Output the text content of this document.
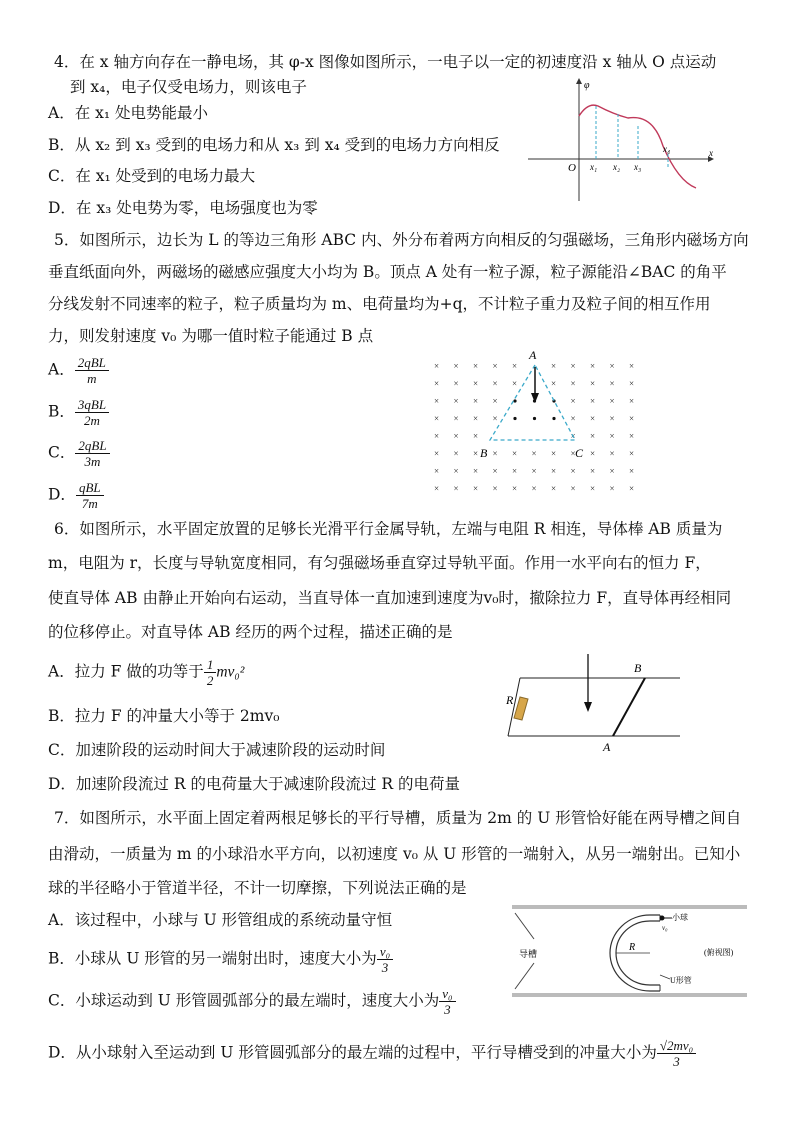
4．在 x 轴方向存在一静电场，其 φ-x 图像如图所示，一电子以一定的初速度沿 x 轴从 O 点运动
到 x₄，电子仅受电场力，则该电子
A．在 x₁ 处电势能最小
B．从 x₂ 到 x₃ 受到的电场力和从 x₃ 到 x₄ 受到的电场力方向相反
C．在 x₁ 处受到的电场力最大
D．在 x₃ 处电势为零，电场强度也为零
φ
O
x
x₁ x₂ x₃
x₄
5．如图所示，边长为 L 的等边三角形 ABC 内、外分布着两方向相反的匀强磁场，三角形内磁场方向
垂直纸面向外，两磁场的磁感应强度大小均为 B。顶点 A 处有一粒子源，粒子源能沿∠BAC 的角平
分线发射不同速率的粒子，粒子质量均为 m、电荷量均为+q，不计粒子重力及粒子间的相互作用
力，则发射速度 v₀ 为哪一值时粒子能通过 B 点
A． $\frac{\text{2qBL}}{m}$
B． $\frac{\text{3qBL}}{2m}$
C． $\frac{\text{2qBL}}{3m}$
D． $\frac{\text{qBL}}{7m}$
× × × × ×	× × × × ×
× × × × ×	× × × × ×
× × × ×	× × × ×
× × × ×	× × × ×
× × ×	× × × ×
× × × × × × × × × × ×
× × × × × × × × × × ×
× × × × × × × × × × ×
A
B	C
6．如图所示，水平固定放置的足够长光滑平行金属导轨，左端与电阻 R 相连，导体棒 AB 质量为
m，电阻为 r，长度与导轨宽度相同，有匀强磁场垂直穿过导轨平面。作用一水平向右的恒力 F，
使直导体 AB 由静止开始向右运动，当直导体一直加速到速度为v₀时，撤除拉力 F，直导体再经相同
的位移停止。对直导体 AB 经历的两个过程，描述正确的是
A．拉力 F 做的功等于 $\frac{1}{2} mv_0^2$
B．拉力 F 的冲量大小等于 2mv₀
C．加速阶段的运动时间大于减速阶段的运动时间
D．加速阶段流过 R 的电荷量大于减速阶段流过 R 的电荷量
R
B
A
7．如图所示，水平面上固定着两根足够长的平行导槽，质量为 2m 的 U 形管恰好能在两导槽之间自
由滑动，一质量为 m 的小球沿水平方向，以初速度 v₀ 从 U 形管的一端射入，从另一端射出。已知小
球的半径略小于管道半径，不计一切摩擦，下列说法正确的是
A．该过程中，小球与 U 形管组成的系统动量守恒
B．小球从 U 形管的另一端射出时，速度大小为 $\frac{\text{v₀}}{3}$
C．小球运动到 U 形管圆弧部分的最左端时，速度大小为 $\frac{\text{v₀}}{3}$
D．从小球射入至运动到 U 形管圆弧部分的最左端的过程中，平行导槽受到的冲量大小为 $\frac{\text{√2mv₀}}{3}$
小球
v₀
导槽
R	(俯视图)
U形管
